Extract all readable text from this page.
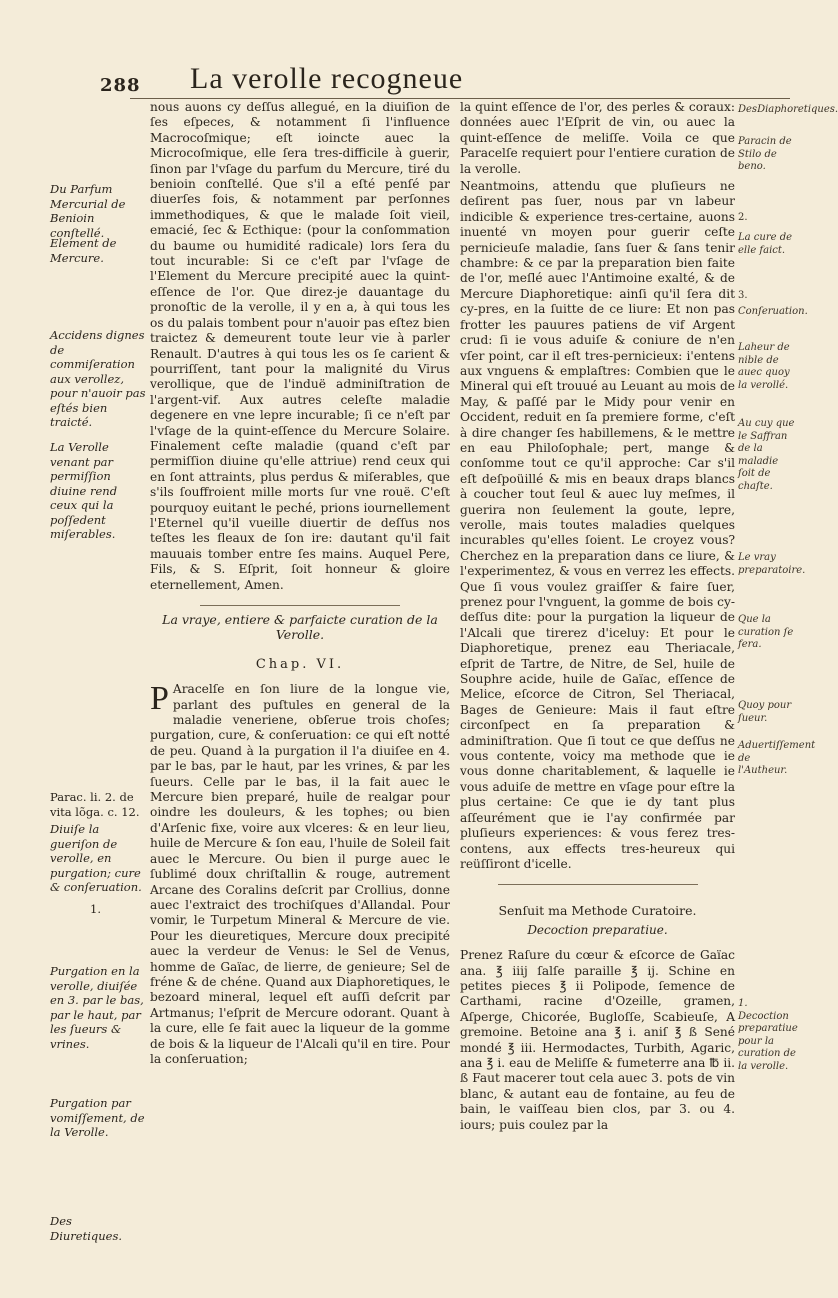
288	La verolle recogneue
Du Parfum Mercurial de Benioin conſtellé.
Element de Mercure.
Accidens dignes de commiſeration aux verollez, pour n'auoir pas eſtés bien traicté.
La Verolle venant par permiſſion diuine rend ceux qui la poſſedent miſerables.
Parac. li. 2. de vita lõga. c. 12.
Diuiſe la gueriſon de verolle, en purgation; cure & conſeruation.
1.
Purgation en la verolle, diuiſée en 3. par le bas, par le haut, par les ſueurs & vrines.
Purgation par vomiſſement, de la Verolle.
Des Diuretiques.

nous auons cy deſſus allegué, en la diuiſion de ſes eſpeces, & notamment ſi l'influence Macrocoſmique; eſt ioincte auec la Microcoſmique, elle ſera tres-difficile à guerir, ſinon par l'vſage du parfum du Mercure, tiré du benioin conſtellé. Que s'il a eſté penſé par diuerſes fois, & notamment par perſonnes immethodiques, & que le malade ſoit vieil, emacié, ſec & Ecthique: (pour la conſommation du baume ou humidité radicale) lors ſera du tout incurable: Si ce c'eſt par l'vſage de l'Element du Mercure precipité auec la quint-eſſence de l'or. Que direz-je dauantage du pronoſtic de la verolle, il y en a, à qui tous les os du palais tombent pour n'auoir pas eſtez bien traictez & demeurent toute leur vie à parler Renault. D'autres à qui tous les os ſe carient & pourriſſent, tant pour la malignité du Virus verollique, que de l'induë adminiſtration de l'argent-vif. Aux autres celeſte maladie degenere en vne lepre incurable; ſi ce n'eſt par l'vſage de la quint-eſſence du Mercure Solaire. Finalement ceſte maladie (quand c'eſt par permiſſion diuine qu'elle attriue) rend ceux qui en ſont attraints, plus perdus & miſerables, que s'ils ſouffroient mille morts ſur vne rouë. C'eſt pourquoy euitant le peché, prions iournellement l'Eternel qu'il vueille diuertir de deſſus nos teſtes les fleaux de ſon ire: dautant qu'il fait mauuais tomber entre ſes mains. Auquel Pere, Fils, & S. Eſprit, ſoit honneur & gloire eternellement, Amen.

La vraye, entiere & parfaicte curation de la Verolle.
Chap. VI.

P Aracelſe en ſon liure de la longue vie, parlant des puſtules en general de la maladie veneriene, obſerue trois choſes; purgation, cure, & conſeruation: ce qui eſt notté de peu. Quand à la purgation il l'a diuiſee en 4. par le bas, par le haut, par les vrines, & par les ſueurs. Celle par le bas, il la fait auec le Mercure bien preparé, huile de realgar pour oindre les douleurs, & les tophes; ou bien d'Arſenic fixe, voire aux vlceres: & en leur lieu, huile de Mercure & ſon eau, l'huile de Soleil fait auec le Mercure. Ou bien il purge auec le ſublimé doux chriſtallin & rouge, autrement Arcane des Coralins deſcrit par Crollius, donne auec l'extraict des trochiſques d'Allandal. Pour vomir, le Turpetum Mineral & Mercure de vie. Pour les dieuretiques, Mercure doux precipité auec la verdeur de Venus: le Sel de Venus, homme de Gaïac, de lierre, de genieure; Sel de fréne & de chéne. Quand aux Diaphoretiques, le bezoard mineral, lequel eſt auſſi deſcrit par Artmanus; l'eſprit de Mercure odorant. Quant à la cure, elle ſe fait auec la liqueur de la gomme de bois & la liqueur de l'Alcali qu'il en tire. Pour la conſeruation;

la quint eſſence de l'or, des perles & coraux: données auec l'Eſprit de vin, ou auec la quint-eſſence de meliſſe. Voila ce que Paracelſe requiert pour l'entiere curation de la verolle.

Neantmoins, attendu que pluſieurs ne deſirent pas ſuer, nous par vn labeur indicible & experience tres-certaine, auons inuenté vn moyen pour guerir ceſte pernicieuſe maladie, ſans ſuer & ſans tenir chambre: & ce par la preparation bien faite de l'or, meſlé auec l'Antimoine exalté, & de Mercure Diaphoretique: ainſi qu'il ſera dit cy-pres, en la ſuitte de ce liure: Et non pas frotter les pauures patiens de vif Argent crud: ſi ie vous aduiſe & coniure de n'en vſer point, car il eſt tres-pernicieux: i'entens aux vnguens & emplaſtres: Combien que le Mineral qui eſt trouué au Leuant au mois de May, & paſſé par le Midy pour venir en Occident, reduit en ſa premiere forme, c'eſt à dire changer ſes habillemens, & le mettre en eau Philoſophale; pert, mange & conſomme tout ce qu'il approche: Car s'il eſt deſpoüillé & mis en beaux draps blancs à coucher tout ſeul & auec luy meſmes, il guerira non ſeulement la goute, lepre, verolle, mais toutes maladies quelques incurables qu'elles ſoient. Le croyez vous? Cherchez en la preparation dans ce liure, & l'experimentez, & vous en verrez les effects. Que ſi vous voulez graiſſer & faire ſuer, prenez pour l'vnguent, la gomme de bois cy-deſſus dite: pour la purgation la liqueur de l'Alcali que tirerez d'iceluy: Et pour le Diaphoretique, prenez eau Theriacale, eſprit de Tartre, de Nitre, de Sel, huile de Souphre acide, huile de Gaïac, eſſence de Melice, eſcorce de Citron, Sel Theriacal, Bages de Genieure: Mais il faut eſtre circonſpect en ſa preparation & adminiſtration. Que ſi tout ce que deſſus ne vous contente, voicy ma methode que ie vous donne charitablement, & laquelle ie vous aduiſe de mettre en vſage pour eſtre la plus certaine: Ce que ie dy tant plus aſſeurément que ie l'ay confirmée par pluſieurs experiences: & vous ferez tres-contens, aux effects tres-heureux qui reüſſiront d'icelle.

Senſuit ma Methode Curatoire.
Decoction preparatiue.

Prenez Raſure du cœur & eſcorce de Gaïac ana. ℥ iiij ſalſe paraille ℥ ij. Schine en petites pieces ℥ ii Polipode, ſemence de Carthami, racine d'Ozeille, gramen, Aſperge, Chicorée, Bugloſſe, Scabieuſe, A gremoine. Betoine ana ℥ i. aniſ ℥ ß Sené mondé ℥ iii. Hermodactes, Turbith, Agaric, ana ℥ i. eau de Meliſſe & fumeterre ana ℔ ii. ß Faut macerer tout cela auec 3. pots de vin blanc, & autant eau de fontaine, au feu de bain, le vaiſſeau bien clos, par 3. ou 4. iours; puis coulez par la

DesDiaphoretiques.
Paracin de Stilo de beno.
2.
La cure de elle faict.
3.
Conſeruation.
Laheur de nible de auec quoy la verollé.
Au cuy que le Saffran de la maladie ſoit de chaſte.
Le vray preparatoire.
Que la curation ſe fera.
Quoy pour ſueur.
Aduertiſſement de l'Autheur.
1. Decoction preparatiue pour la curation de la verolle.
